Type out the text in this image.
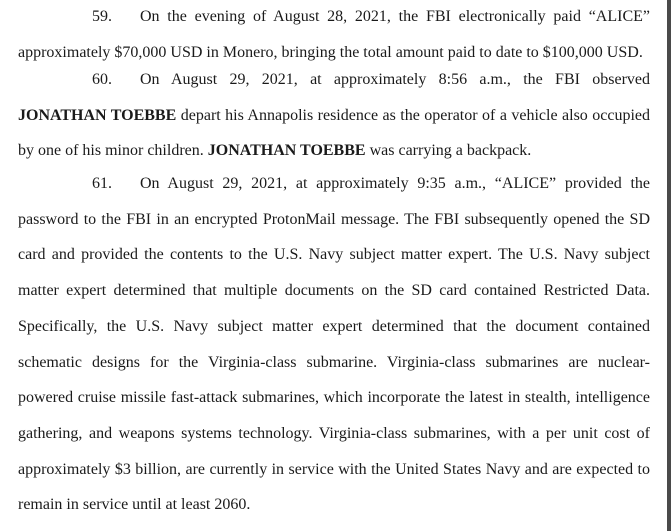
59. On the evening of August 28, 2021, the FBI electronically paid “ALICE” approximately $70,000 USD in Monero, bringing the total amount paid to date to $100,000 USD.

60. On August 29, 2021, at approximately 8:56 a.m., the FBI observed JONATHAN TOEBBE depart his Annapolis residence as the operator of a vehicle also occupied by one of his minor children. JONATHAN TOEBBE was carrying a backpack.

61. On August 29, 2021, at approximately 9:35 a.m., “ALICE” provided the password to the FBI in an encrypted ProtonMail message. The FBI subsequently opened the SD card and provided the contents to the U.S. Navy subject matter expert. The U.S. Navy subject matter expert determined that multiple documents on the SD card contained Restricted Data. Specifically, the U.S. Navy subject matter expert determined that the document contained schematic designs for the Virginia-class submarine. Virginia-class submarines are nuclear-powered cruise missile fast-attack submarines, which incorporate the latest in stealth, intelligence gathering, and weapons systems technology. Virginia-class submarines, with a per unit cost of approximately $3 billion, are currently in service with the United States Navy and are expected to remain in service until at least 2060.
